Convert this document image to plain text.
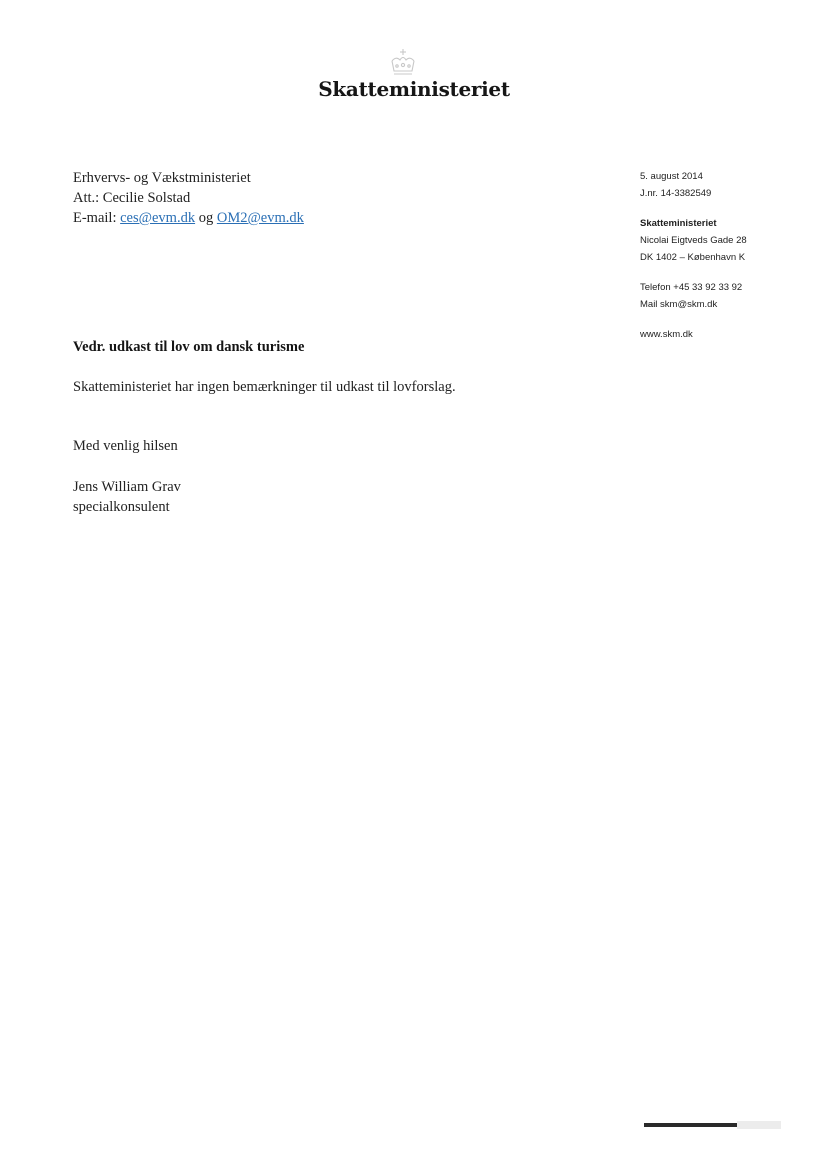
Skatteministeriet
Erhvervs- og Vækstministeriet
Att.: Cecilie Solstad
E-mail: ces@evm.dk og OM2@evm.dk
5. august 2014
J.nr. 14-3382549
Skatteministeriet
Nicolai Eigtveds Gade 28
DK 1402 – København K
Telefon +45 33 92 33 92
Mail skm@skm.dk
www.skm.dk
Vedr. udkast til lov om dansk turisme
Skatteministeriet har ingen bemærkninger til udkast til lovforslag.
Med venlig hilsen
Jens William Grav
specialkonsulent
